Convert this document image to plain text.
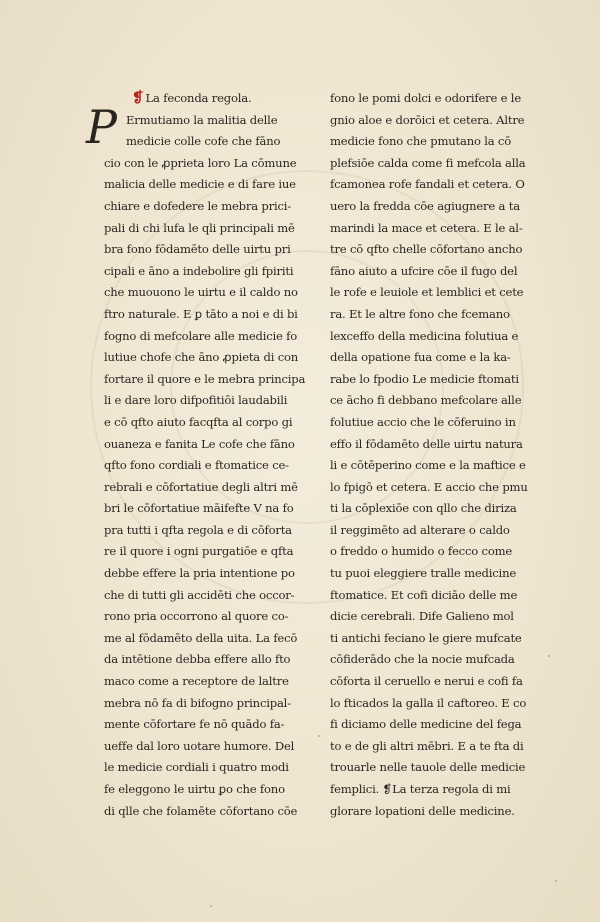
P
❡ La feconda regola.
Ermutiamo la malitia delle
medicie colle cofe che fāno
cio con le ꝓprieta loro La cōmune
malicia delle medicie e di fare iue
chiare e dofedere le mebra prici-
pali di chi lufa le qli principali mē
bra fono fōdamēto delle uirtu pri
cipali e āno a indebolire gli fpiriti
che muouono le uirtu e il caldo no
ftro naturale. E ꝑ tāto a noi e di bi
fogno di mefcolare alle medicie fo
lutiue chofe che āno ꝓpieta di con
fortare il quore e le mebra principa
li e dare loro difpofitiōi laudabili
e cō qfto aiuto facqfta al corpo gi
ouaneza e fanita Le cofe che fāno
qfto fono cordiali e ftomatice ce-
rebrali e cōfortatiue degli altri mē
bri le cōfortatiue māifefte V na fo
pra tutti i qfta regola e di cōforta
re il quore i ogni purgatiōe e qfta
debbe effere la pria intentione po
che di tutti gli accidēti che occor-
rono pria occorrono al quore co-
me al fōdamēto della uita. La fecō
da intētione debba effere allo fto
maco come a receptore de laltre
mebra nō fa di bifogno principal-
mente cōfortare fe nō quādo fa-
ueffe dal loro uotare humore. Del
le medicie cordiali i quatro modi
fe eleggono le uirtu ꝑo che fono
di qlle che folamēte cōfortano cōe
fono le pomi dolci e odorifere e le
gnio aloe e dorōici et cetera. Altre
medicie fono che pmutano la cō
plefsiōe calda come fi mefcola alla
fcamonea rofe fandali et cetera. O
uero la fredda cōe agiugnere a ta
marindi la mace et cetera. E le al-
tre cō qfto chelle cōfortano ancho
fāno aiuto a ufcire cōe il fugo del
le rofe e leuiole et lemblici et cete
ra. Et le altre fono che fcemano
lexceffo della medicina folutiua e
della opatione fua come e la ka-
rabe lo fpodio Le medicie ftomati
ce ācho fi debbano mefcolare alle
folutiue accio che le cōferuino in
effo il fōdamēto delle uirtu natura
li e cōtēperino come e la maftice e
lo fpigō et cetera. E accio che pmu
ti la cōplexiōe con qllo che diriza
il reggimēto ad alterare o caldo
o freddo o humido o fecco come
tu puoi eleggiere tralle medicine
ftomatice. Et cofi diciāo delle me
dicie cerebrali. Dife Galieno mol
ti antichi feciano le giere mufcate
cōfiderādo che la nocie mufcada
cōforta il ceruello e nerui e cofi fa
lo fticados la galla il caftoreo. E co
fi diciamo delle medicine del fega
to e de gli altri mēbri. E a te fta di
trouarle nelle tauole delle medicie
femplici. ❡La terza regola di mi
glorare lopationi delle medicine.
